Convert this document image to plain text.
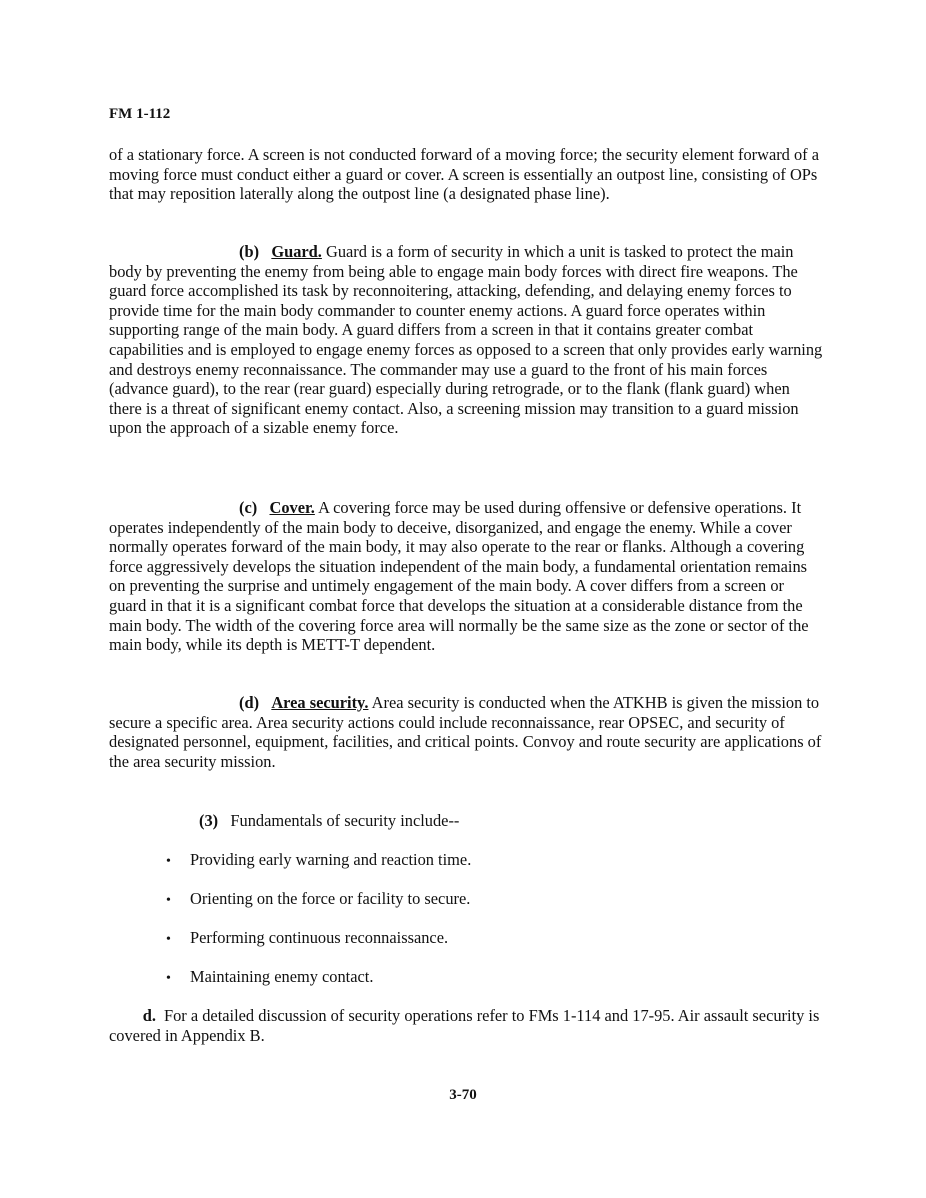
FM 1-112

of a stationary force. A screen is not conducted forward of a moving force; the security element forward of a moving force must conduct either a guard or cover. A screen is essentially an outpost line, consisting of OPs that may reposition laterally along the outpost line (a designated phase line).

(b) Guard. Guard is a form of security in which a unit is tasked to protect the main body by preventing the enemy from being able to engage main body forces with direct fire weapons. The guard force accomplished its task by reconnoitering, attacking, defending, and delaying enemy forces to provide time for the main body commander to counter enemy actions. A guard force operates within supporting range of the main body. A guard differs from a screen in that it contains greater combat capabilities and is employed to engage enemy forces as opposed to a screen that only provides early warning and destroys enemy reconnaissance. The commander may use a guard to the front of his main forces (advance guard), to the rear (rear guard) especially during retrograde, or to the flank (flank guard) when there is a threat of significant enemy contact. Also, a screening mission may transition to a guard mission upon the approach of a sizable enemy force.

(c) Cover. A covering force may be used during offensive or defensive operations. It operates independently of the main body to deceive, disorganized, and engage the enemy. While a cover normally operates forward of the main body, it may also operate to the rear or flanks. Although a covering force aggressively develops the situation independent of the main body, a fundamental orientation remains on preventing the surprise and untimely engagement of the main body. A cover differs from a screen or guard in that it is a significant combat force that develops the situation at a considerable distance from the main body. The width of the covering force area will normally be the same size as the zone or sector of the main body, while its depth is METT-T dependent.

(d) Area security. Area security is conducted when the ATKHB is given the mission to secure a specific area. Area security actions could include reconnaissance, rear OPSEC, and security of designated personnel, equipment, facilities, and critical points. Convoy and route security are applications of the area security mission.

(3) Fundamentals of security include--

• Providing early warning and reaction time.

• Orienting on the force or facility to secure.

• Performing continuous reconnaissance.

• Maintaining enemy contact.

d. For a detailed discussion of security operations refer to FMs 1-114 and 17-95. Air assault security is covered in Appendix B.

3-70
